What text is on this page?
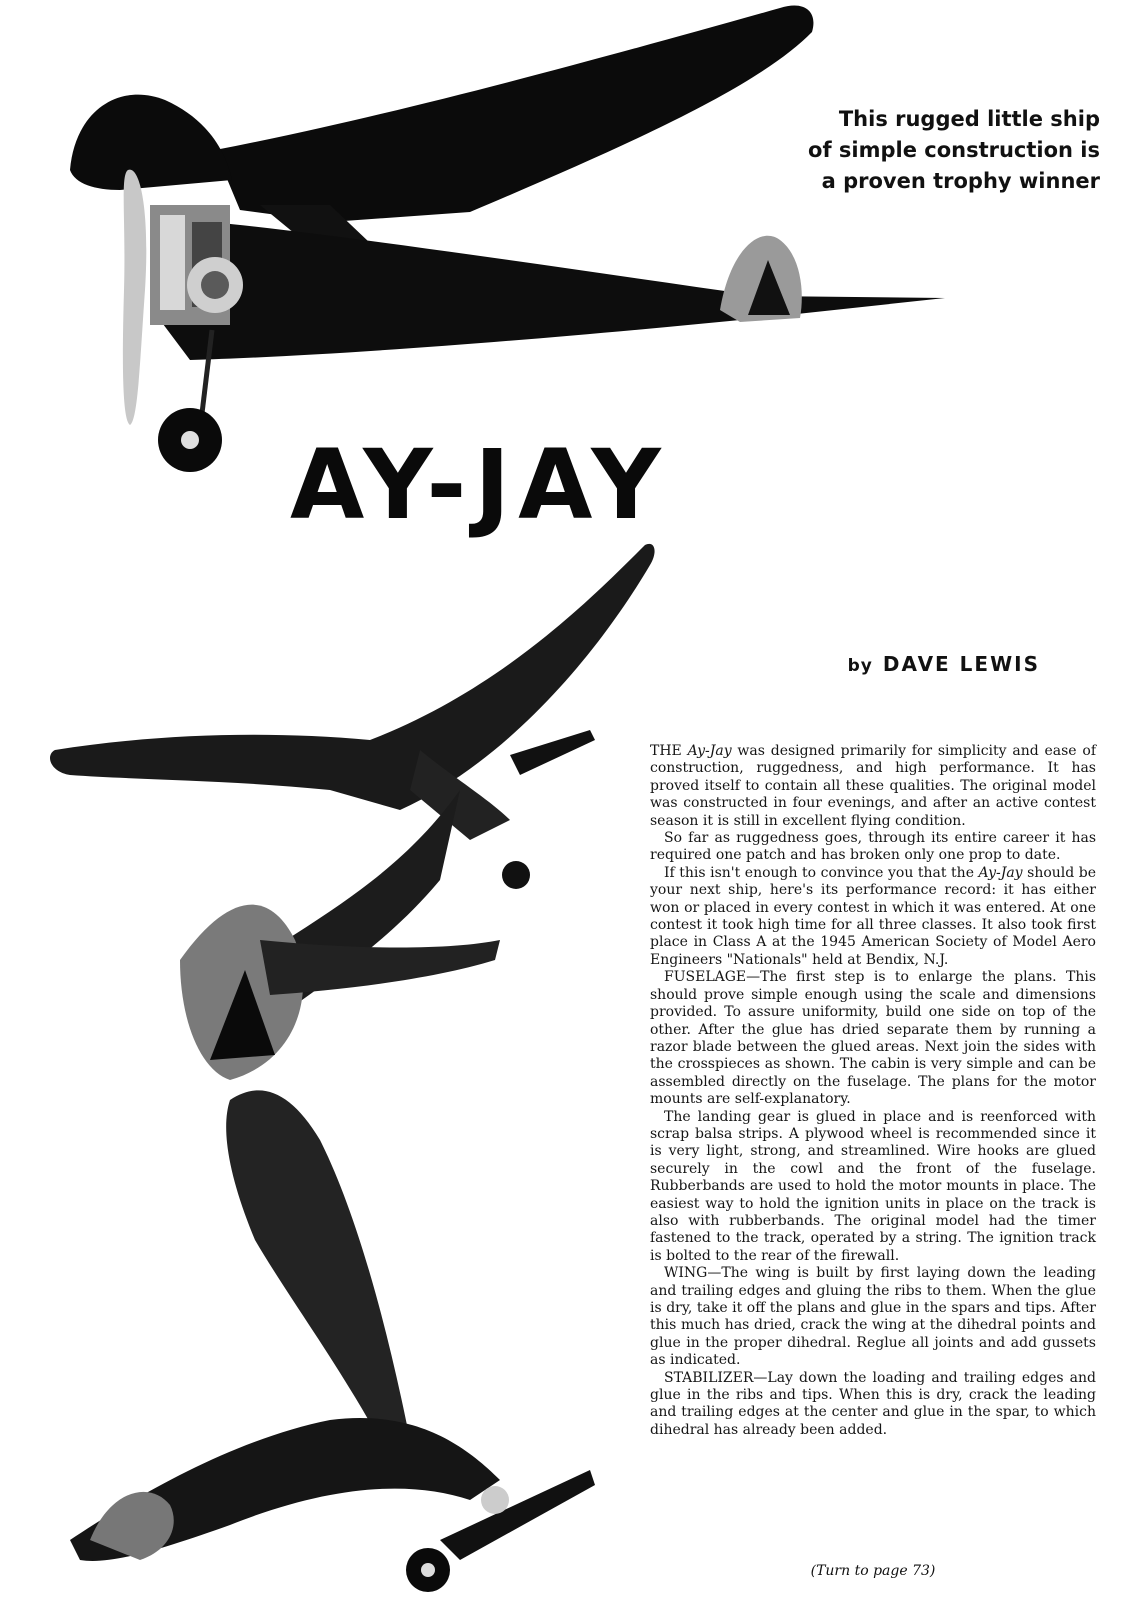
This rugged little ship
of simple construction is
a proven trophy winner
AY-JAY
by DAVE LEWIS

THE Ay-Jay was designed primarily for simplicity and ease of construction, ruggedness, and high performance. It has proved itself to contain all these qualities. The original model was constructed in four evenings, and after an active contest season it is still in excellent flying condition.

So far as ruggedness goes, through its entire career it has required one patch and has broken only one prop to date.

If this isn't enough to convince you that the Ay-Jay should be your next ship, here's its performance record: it has either won or placed in every contest in which it was entered. At one contest it took high time for all three classes. It also took first place in Class A at the 1945 American Society of Model Aero Engineers "Nationals" held at Bendix, N.J.

FUSELAGE—The first step is to enlarge the plans. This should prove simple enough using the scale and dimensions provided. To assure uniformity, build one side on top of the other. After the glue has dried separate them by running a razor blade between the glued areas. Next join the sides with the crosspieces as shown. The cabin is very simple and can be assembled directly on the fuselage. The plans for the motor mounts are self-explanatory.

The landing gear is glued in place and is reenforced with scrap balsa strips. A plywood wheel is recommended since it is very light, strong, and streamlined. Wire hooks are glued securely in the cowl and the front of the fuselage. Rubberbands are used to hold the motor mounts in place. The easiest way to hold the ignition units in place on the track is also with rubberbands. The original model had the timer fastened to the track, operated by a string. The ignition track is bolted to the rear of the firewall.

WING—The wing is built by first laying down the leading and trailing edges and gluing the ribs to them. When the glue is dry, take it off the plans and glue in the spars and tips. After this much has dried, crack the wing at the dihedral points and glue in the proper dihedral. Reglue all joints and add gussets as indicated.

STABILIZER—Lay down the loading and trailing edges and glue in the ribs and tips. When this is dry, crack the leading and trailing edges at the center and glue in the spar, to which dihedral has already been added.

(Turn to page 73)
